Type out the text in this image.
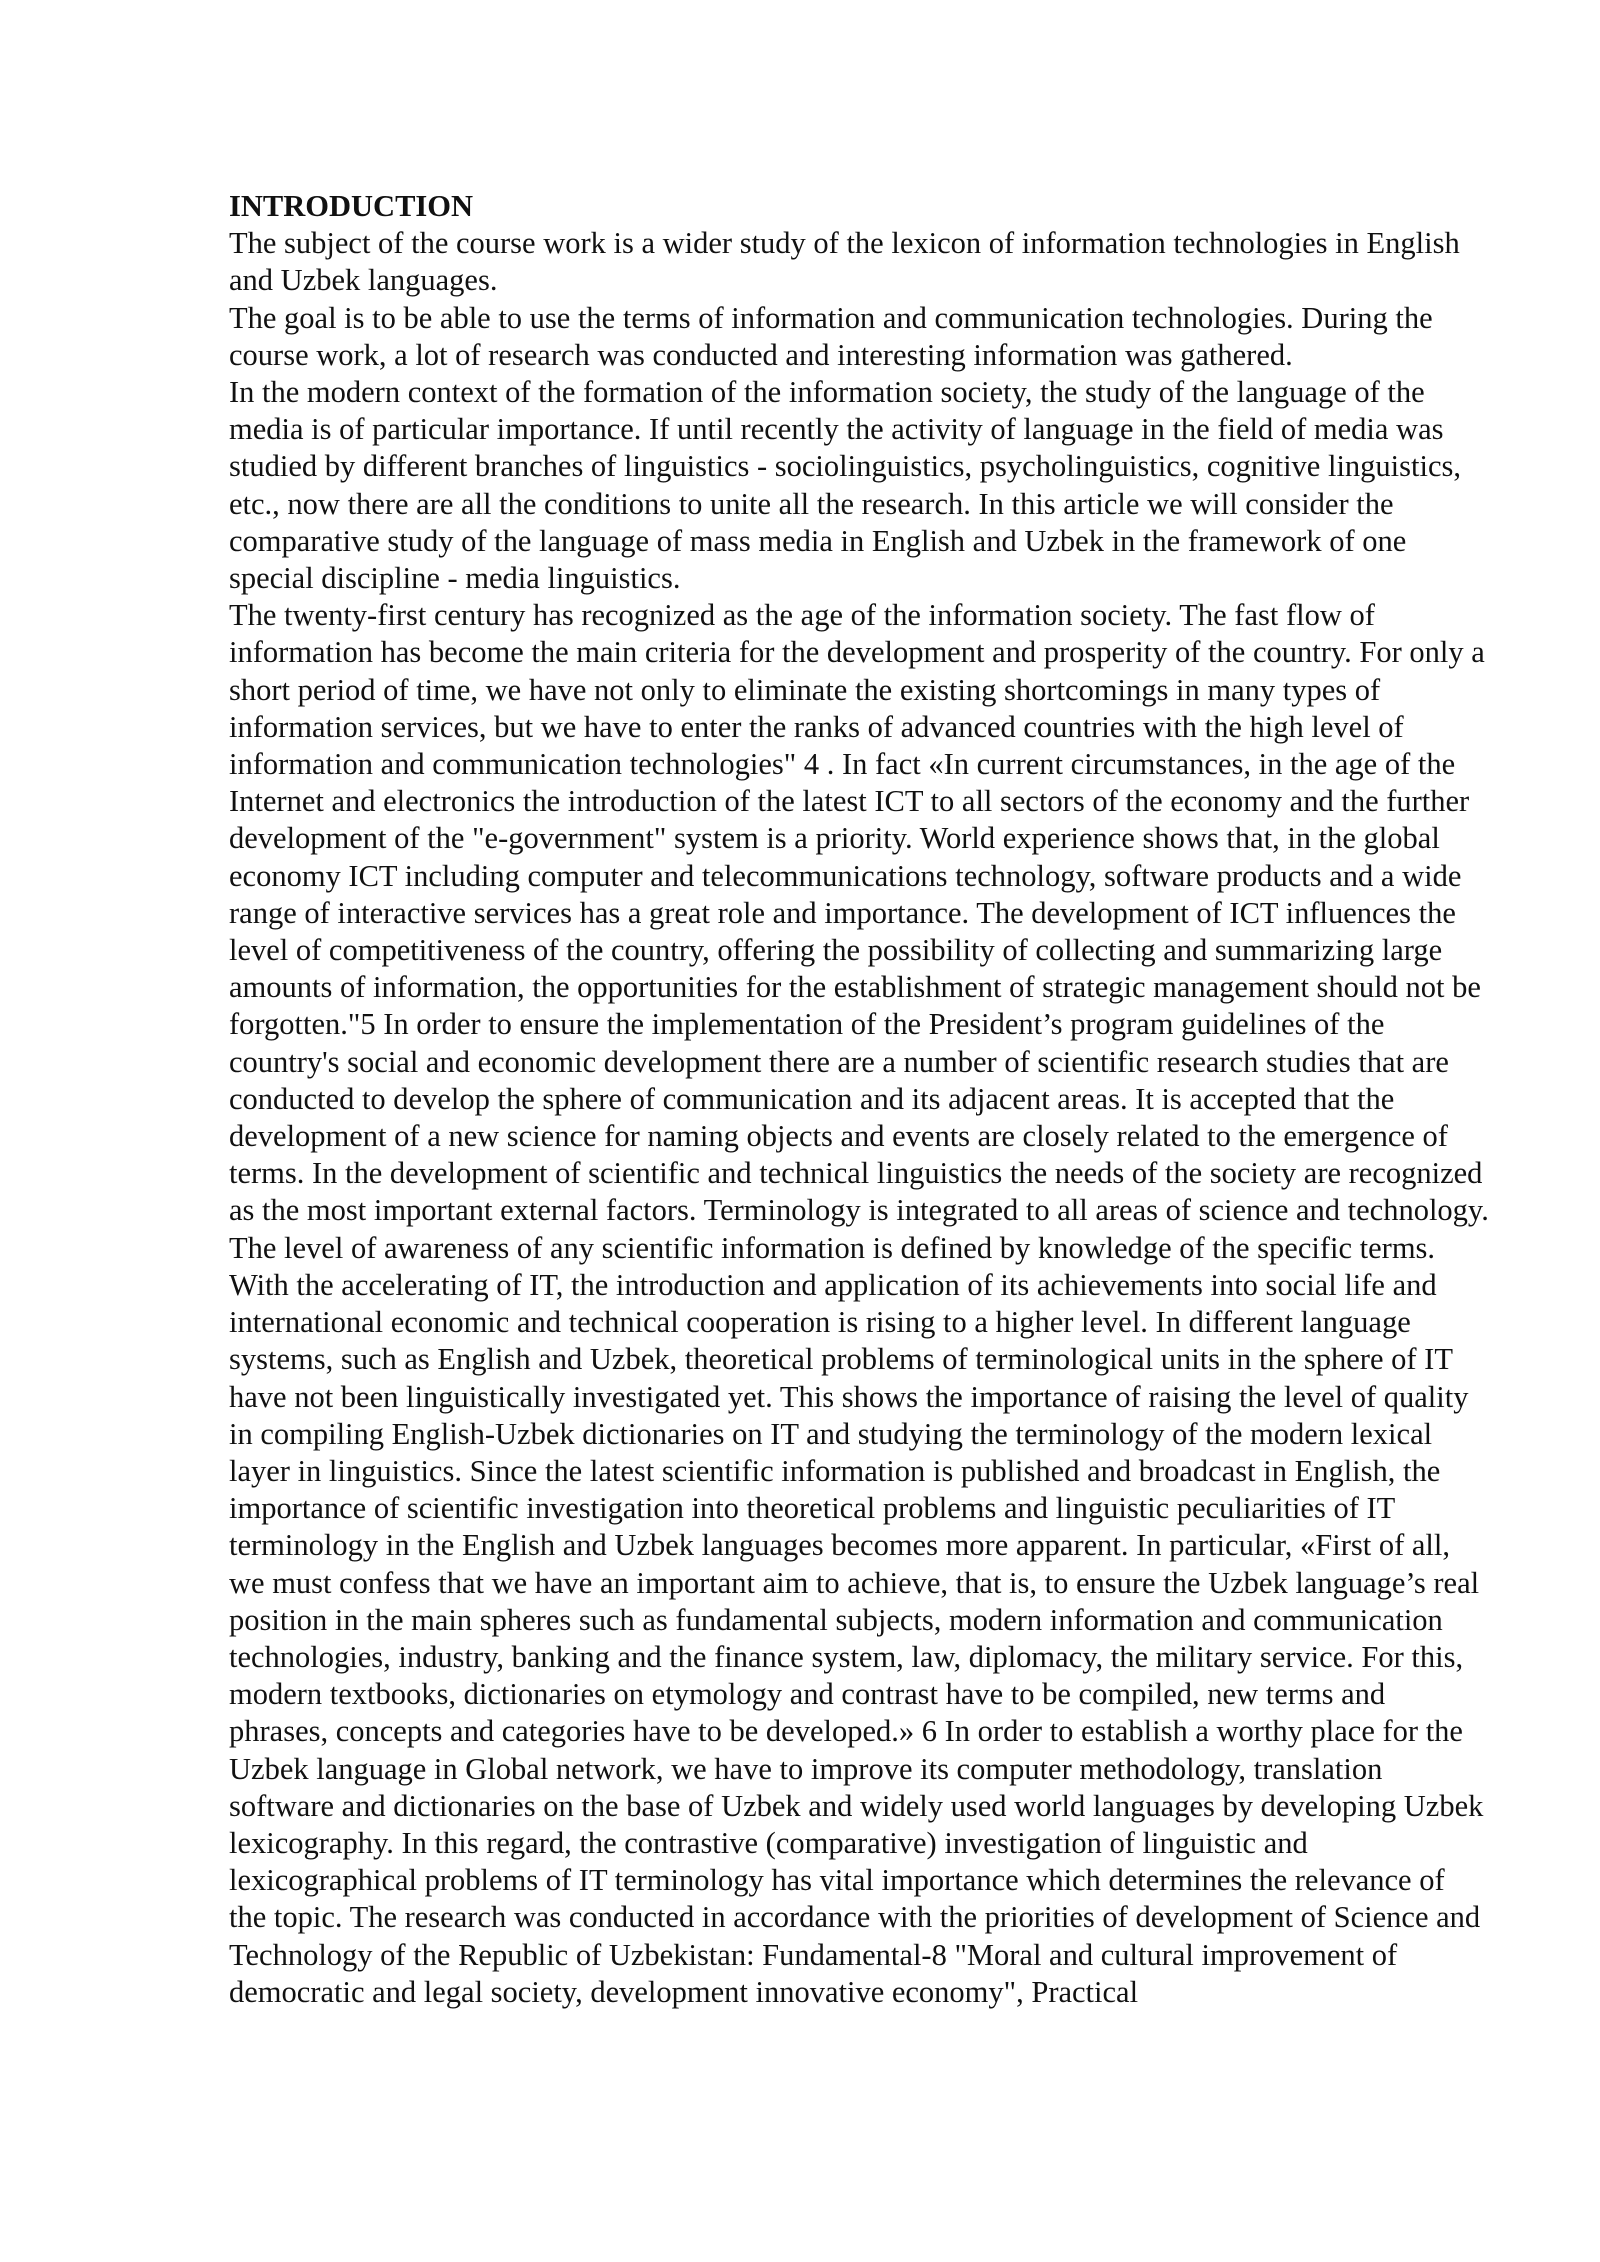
INTRODUCTION

The subject of the course work is a wider study of the lexicon of information technologies in English and Uzbek languages.

The goal is to be able to use the terms of information and communication technologies. During the course work, a lot of research was conducted and interesting information was gathered.

In the modern context of the formation of the information society, the study of the language of the media is of particular importance. If until recently the activity of language in the field of media was studied by different branches of linguistics - sociolinguistics, psycholinguistics, cognitive linguistics, etc., now there are all the conditions to unite all the research. In this article we will consider the comparative study of the language of mass media in English and Uzbek in the framework of one special discipline - media linguistics.

The twenty-first century has recognized as the age of the information society. The fast flow of information has become the main criteria for the development and prosperity of the country. For only a short period of time, we have not only to eliminate the existing shortcomings in many types of information services, but we have to enter the ranks of advanced countries with the high level of information and communication technologies" 4 . In fact «In current circumstances, in the age of the Internet and electronics the introduction of the latest ICT to all sectors of the economy and the further development of the "e-government" system is a priority. World experience shows that, in the global economy ICT including computer and telecommunications technology, software products and a wide range of interactive services has a great role and importance. The development of ICT influences the level of competitiveness of the country, offering the possibility of collecting and summarizing large amounts of information, the opportunities for the establishment of strategic management should not be forgotten."5 In order to ensure the implementation of the President’s program guidelines of the country's social and economic development there are a number of scientific research studies that are conducted to develop the sphere of communication and its adjacent areas. It is accepted that the development of a new science for naming objects and events are closely related to the emergence of terms. In the development of scientific and technical linguistics the needs of the society are recognized as the most important external factors. Terminology is integrated to all areas of science and technology. The level of awareness of any scientific information is defined by knowledge of the specific terms. With the accelerating of IT, the introduction and application of its achievements into social life and international economic and technical cooperation is rising to a higher level. In different language systems, such as English and Uzbek, theoretical problems of terminological units in the sphere of IT have not been linguistically investigated yet. This shows the importance of raising the level of quality in compiling English-Uzbek dictionaries on IT and studying the terminology of the modern lexical layer in linguistics. Since the latest scientific information is published and broadcast in English, the importance of scientific investigation into theoretical problems and linguistic peculiarities of IT terminology in the English and Uzbek languages becomes more apparent. In particular, «First of all, we must confess that we have an important aim to achieve, that is, to ensure the Uzbek language’s real position in the main spheres such as fundamental subjects, modern information and communication technologies, industry, banking and the finance system, law, diplomacy, the military service. For this, modern textbooks, dictionaries on etymology and contrast have to be compiled, new terms and phrases, concepts and categories have to be developed.» 6 In order to establish a worthy place for the Uzbek language in Global network, we have to improve its computer methodology, translation software and dictionaries on the base of Uzbek and widely used world languages by developing Uzbek lexicography. In this regard, the contrastive (comparative) investigation of linguistic and lexicographical problems of IT terminology has vital importance which determines the relevance of the topic. The research was conducted in accordance with the priorities of development of Science and Technology of the Republic of Uzbekistan: Fundamental-8 "Moral and cultural improvement of democratic and legal society, development innovative economy", Practical
